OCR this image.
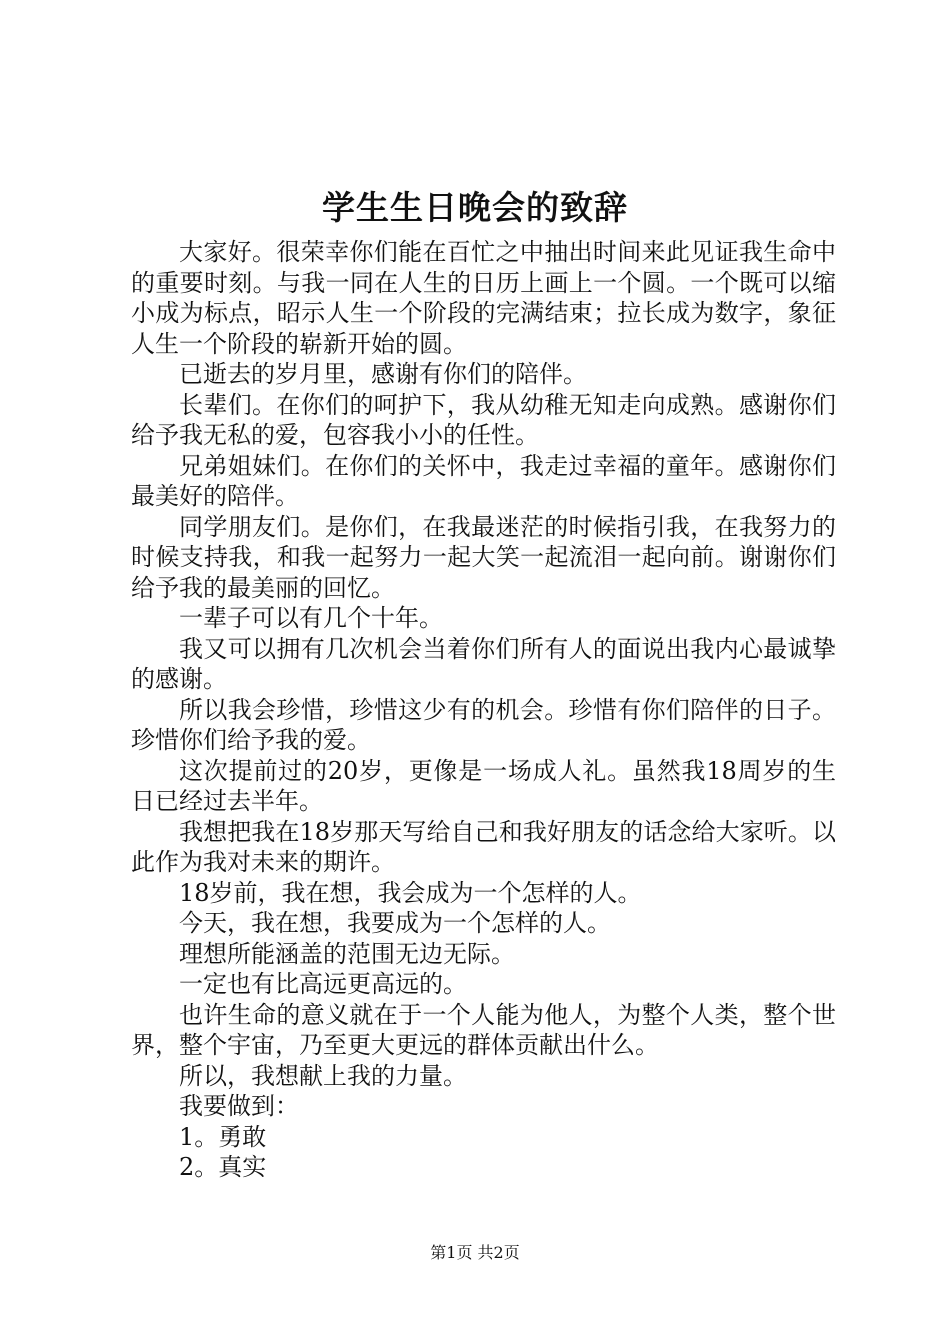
学生生日晚会的致辞

大家好。很荣幸你们能在百忙之中抽出时间来此见证我生命中的重要时刻。与我一同在人生的日历上画上一个圆。一个既可以缩小成为标点，昭示人生一个阶段的完满结束；拉长成为数字，象征人生一个阶段的崭新开始的圆。

已逝去的岁月里，感谢有你们的陪伴。

长辈们。在你们的呵护下，我从幼稚无知走向成熟。感谢你们给予我无私的爱，包容我小小的任性。

兄弟姐妹们。在你们的关怀中，我走过幸福的童年。感谢你们最美好的陪伴。

同学朋友们。是你们，在我最迷茫的时候指引我，在我努力的时候支持我，和我一起努力一起大笑一起流泪一起向前。谢谢你们给予我的最美丽的回忆。

一辈子可以有几个十年。

我又可以拥有几次机会当着你们所有人的面说出我内心最诚挚的感谢。

所以我会珍惜，珍惜这少有的机会。珍惜有你们陪伴的日子。珍惜你们给予我的爱。

这次提前过的20岁，更像是一场成人礼。虽然我18周岁的生日已经过去半年。

我想把我在18岁那天写给自己和我好朋友的话念给大家听。以此作为我对未来的期许。

18岁前，我在想，我会成为一个怎样的人。

今天，我在想，我要成为一个怎样的人。

理想所能涵盖的范围无边无际。

一定也有比高远更高远的。

也许生命的意义就在于一个人能为他人，为整个人类，整个世界，整个宇宙，乃至更大更远的群体贡献出什么。

所以，我想献上我的力量。

我要做到：

1。勇敢

2。真实

第1页 共2页
